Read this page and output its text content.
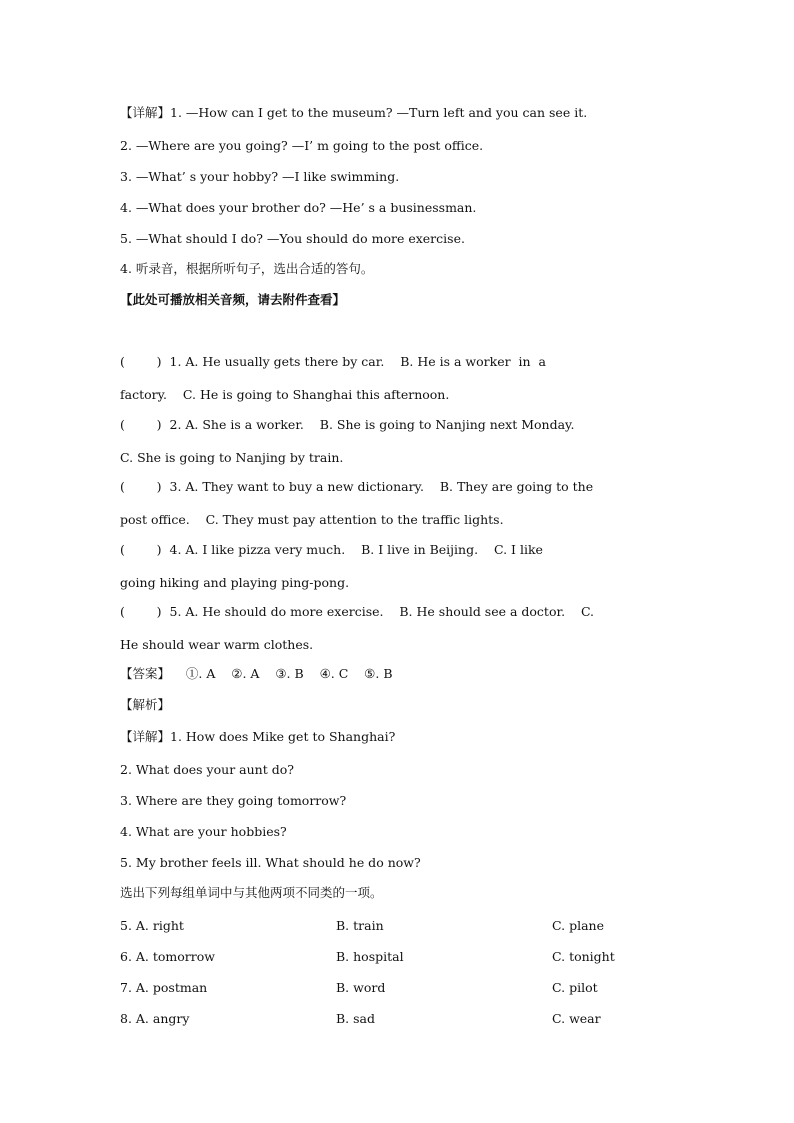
【详解】1. —How can I get to the museum? —Turn left and you can see it.
2. —Where are you going? —I’ m going to the post office.
3. —What’ s your hobby? —I like swimming.
4. —What does your brother do? —He’ s a businessman.
5. —What should I do? —You should do more exercise.
4. 听录音，根据所听句子，选出合适的答句。
【此处可播放相关音频，请去附件查看】
(        )  1. A. He usually gets there by car.    B. He is a worker  in  a
factory.    C. He is going to Shanghai this afternoon.
(        )  2. A. She is a worker.    B. She is going to Nanjing next Monday.
C. She is going to Nanjing by train.
(        )  3. A. They want to buy a new dictionary.    B. They are going to the
post office.    C. They must pay attention to the traffic lights.
(        )  4. A. I like pizza very much.    B. I live in Beijing.    C. I like
going hiking and playing ping-pong.
(        )  5. A. He should do more exercise.    B. He should see a doctor.    C.
He should wear warm clothes.
【答案】    ①. A    ②. A    ③. B    ④. C    ⑤. B
【解析】
【详解】1. How does Mike get to Shanghai?
2. What does your aunt do?
3. Where are they going tomorrow?
4. What are your hobbies?
5. My brother feels ill. What should he do now?
选出下列每组单词中与其他两项不同类的一项。
5. A. right	B. train	C. plane
6. A. tomorrow	B. hospital	C. tonight
7. A. postman	B. word	C. pilot
8. A. angry	B. sad	C. wear
